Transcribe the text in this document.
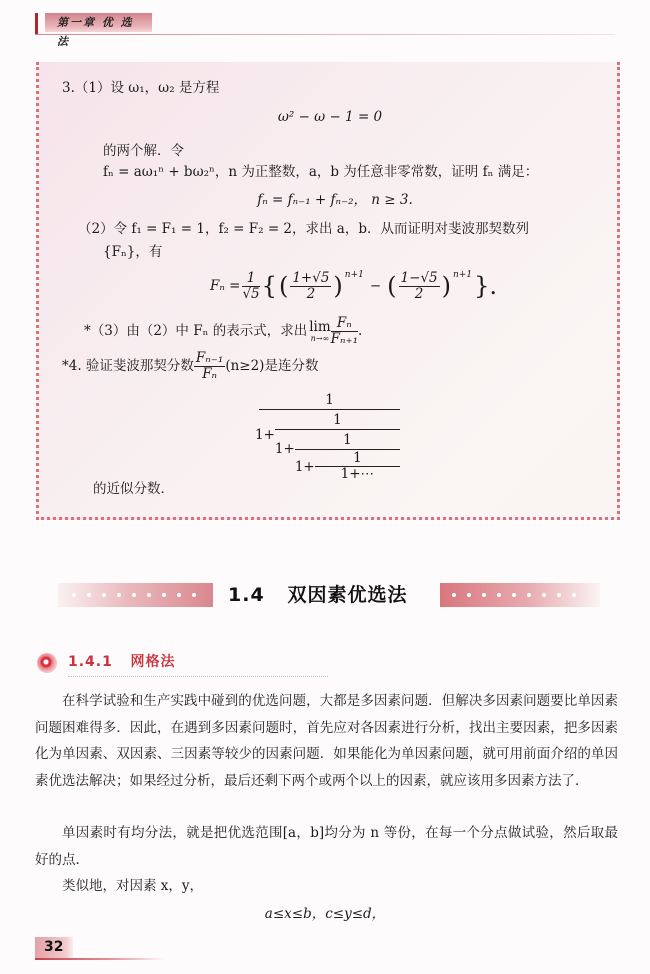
第一章 优 选 法
3.（1）设 ω₁，ω₂ 是方程
ω² − ω − 1 = 0
的两个解．令
fₙ = aω₁ⁿ + bω₂ⁿ，n 为正整数，a，b 为任意非零常数，证明 fₙ 满足：
fₙ = fₙ₋₁ + fₙ₋₂， n ≥ 3.
（2）令 f₁ = F₁ = 1，f₂ = F₂ = 2，求出 a，b．从而证明对斐波那契数列
{Fₙ}，有
$F_n = \frac{1}{√5}$ { ( $\frac{1+√5}{2} )^{n+1}$
− ( $\frac{1-√5}{2} )^{n+1}$ }.
*（3）由（2）中 Fₙ 的表示式，求出 lim
$n\to\infty \frac{\text{Fₙ}}{\text{Fₙ₊₁}}$ .
*4. 验证斐波那契分数 $\frac{\text{Fₙ₋₁}}{\text{Fₙ}} (n\ge 2)$是连分数
1
1+
1
$1+ \frac{1}{1+ \frac{1}{1+\cdots}}$
的近似分数．
1.4 双因素优选法
1.4.1 网格法
在科学试验和生产实践中碰到的优选问题，大都是多因素问题．但解决多因素问题要比单因素问题困难得多．因此，在遇到多因素问题时，首先应对各因素进行分析，找出主要因素，把多因素化为单因素、双因素、三因素等较少的因素问题．如果能化为单因素问题，就可用前面介绍的单因素优选法解决；如果经过分析，最后还剩下两个或两个以上的因素，就应该用多因素方法了．
单因素时有均分法，就是把优选范围[a，b]均分为 n 等份，在每一个分点做试验，然后取最好的点．
类似地，对因素 x，y，
a≤x≤b，c≤y≤d，
32
